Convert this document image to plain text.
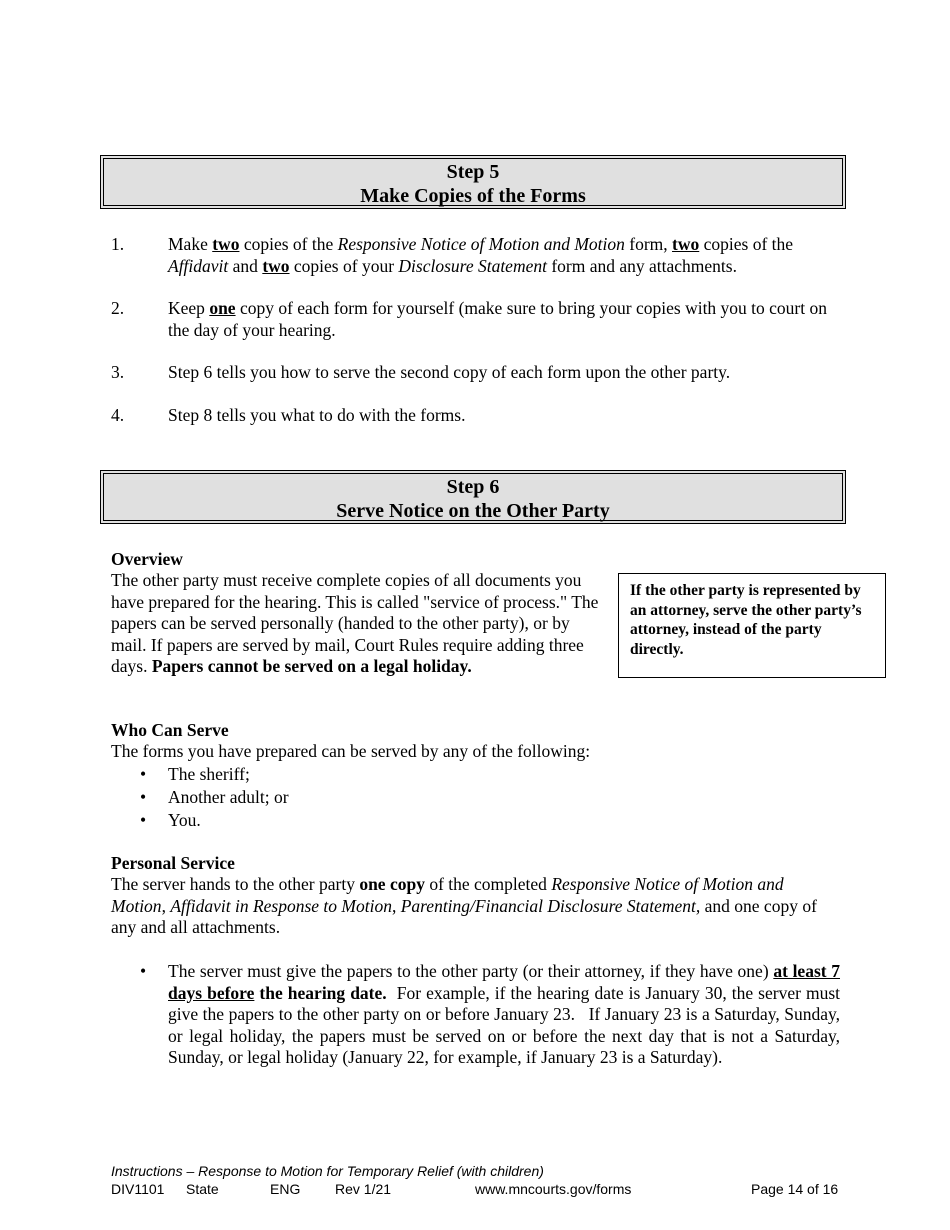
Step 5
Make Copies of the Forms
1.	Make two copies of the Responsive Notice of Motion and Motion form, two copies of the Affidavit and two copies of your Disclosure Statement form and any attachments.
2.	Keep one copy of each form for yourself (make sure to bring your copies with you to court on the day of your hearing.
3.	Step 6 tells you how to serve the second copy of each form upon the other party.
4.	Step 8 tells you what to do with the forms.
Step 6
Serve Notice on the Other Party
Overview
The other party must receive complete copies of all documents you have prepared for the hearing. This is called "service of process." The papers can be served personally (handed to the other party), or by mail. If papers are served by mail, Court Rules require adding three days. Papers cannot be served on a legal holiday.
If the other party is represented by an attorney, serve the other party’s attorney, instead of the party directly.
Who Can Serve
The forms you have prepared can be served by any of the following:
• The sheriff;
• Another adult; or
• You.
Personal Service
The server hands to the other party one copy of the completed Responsive Notice of Motion and Motion, Affidavit in Response to Motion, Parenting/Financial Disclosure Statement, and one copy of any and all attachments.
• The server must give the papers to the other party (or their attorney, if they have one) at least 7 days before the hearing date.  For example, if the hearing date is January 30, the server must give the papers to the other party on or before January 23.   If January 23 is a Saturday, Sunday, or legal holiday, the papers must be served on or before the next day that is not a Saturday, Sunday, or legal holiday (January 22, for example, if January 23 is a Saturday).
Instructions – Response to Motion for Temporary Relief (with children)
DIV1101 State	ENG Rev 1/21	www.mncourts.gov/forms	Page 14 of 16
